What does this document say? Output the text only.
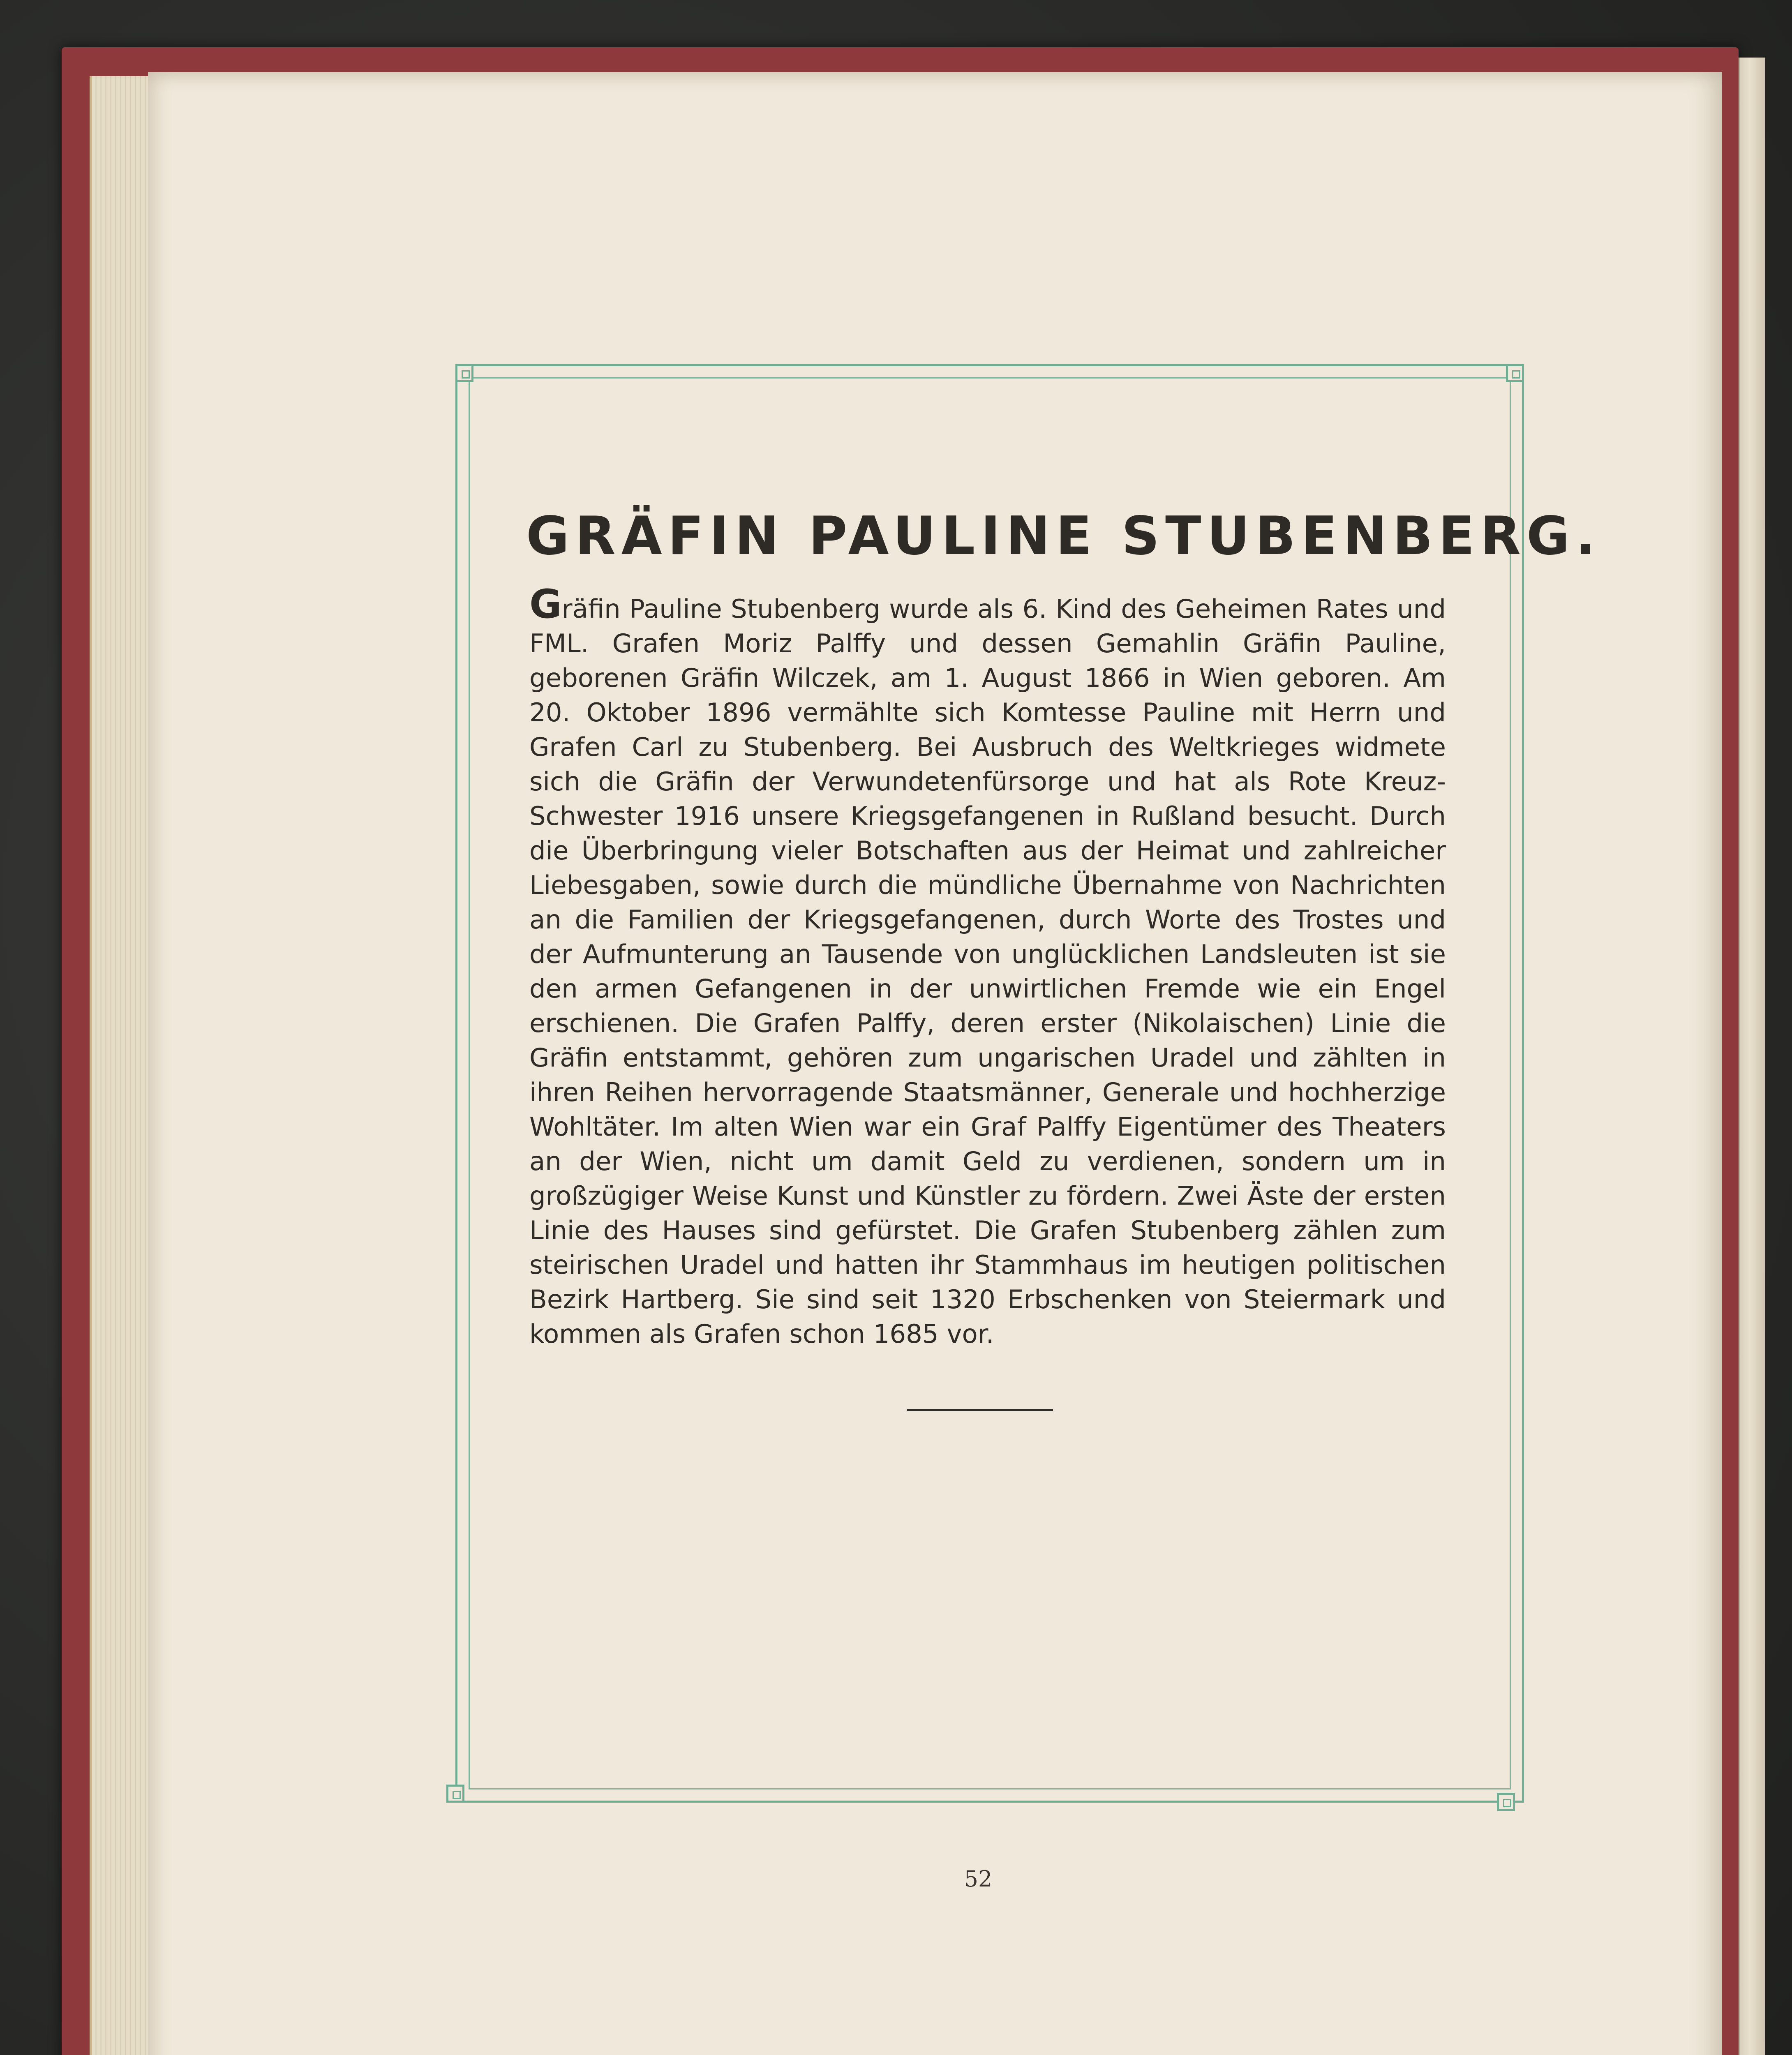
GRÄFIN PAULINE STUBENBERG.

Gräfin Pauline Stubenberg wurde als 6. Kind des Geheimen Rates und FML. Grafen Moriz Palffy und dessen Gemahlin Gräfin Pauline, geborenen Gräfin Wilczek, am 1. August 1866 in Wien geboren. Am 20. Oktober 1896 vermählte sich Komtesse Pauline mit Herrn und Grafen Carl zu Stubenberg. Bei Ausbruch des Weltkrieges widmete sich die Gräfin der Verwundetenfürsorge und hat als Rote Kreuz-Schwester 1916 unsere Kriegsgefangenen in Rußland besucht. Durch die Überbringung vieler Botschaften aus der Heimat und zahlreicher Liebesgaben, sowie durch die mündliche Übernahme von Nachrichten an die Familien der Kriegsgefangenen, durch Worte des Trostes und der Aufmunterung an Tausende von unglücklichen Landsleuten ist sie den armen Gefangenen in der unwirtlichen Fremde wie ein Engel erschienen. Die Grafen Palffy, deren erster (Nikolaischen) Linie die Gräfin entstammt, gehören zum ungarischen Uradel und zählten in ihren Reihen hervorragende Staatsmänner, Generale und hochherzige Wohltäter. Im alten Wien war ein Graf Palffy Eigentümer des Theaters an der Wien, nicht um damit Geld zu verdienen, sondern um in großzügiger Weise Kunst und Künstler zu fördern. Zwei Äste der ersten Linie des Hauses sind gefürstet. Die Grafen Stubenberg zählen zum steirischen Uradel und hatten ihr Stammhaus im heutigen politischen Bezirk Hartberg. Sie sind seit 1320 Erbschenken von Steiermark und kommen als Grafen schon 1685 vor.

52
